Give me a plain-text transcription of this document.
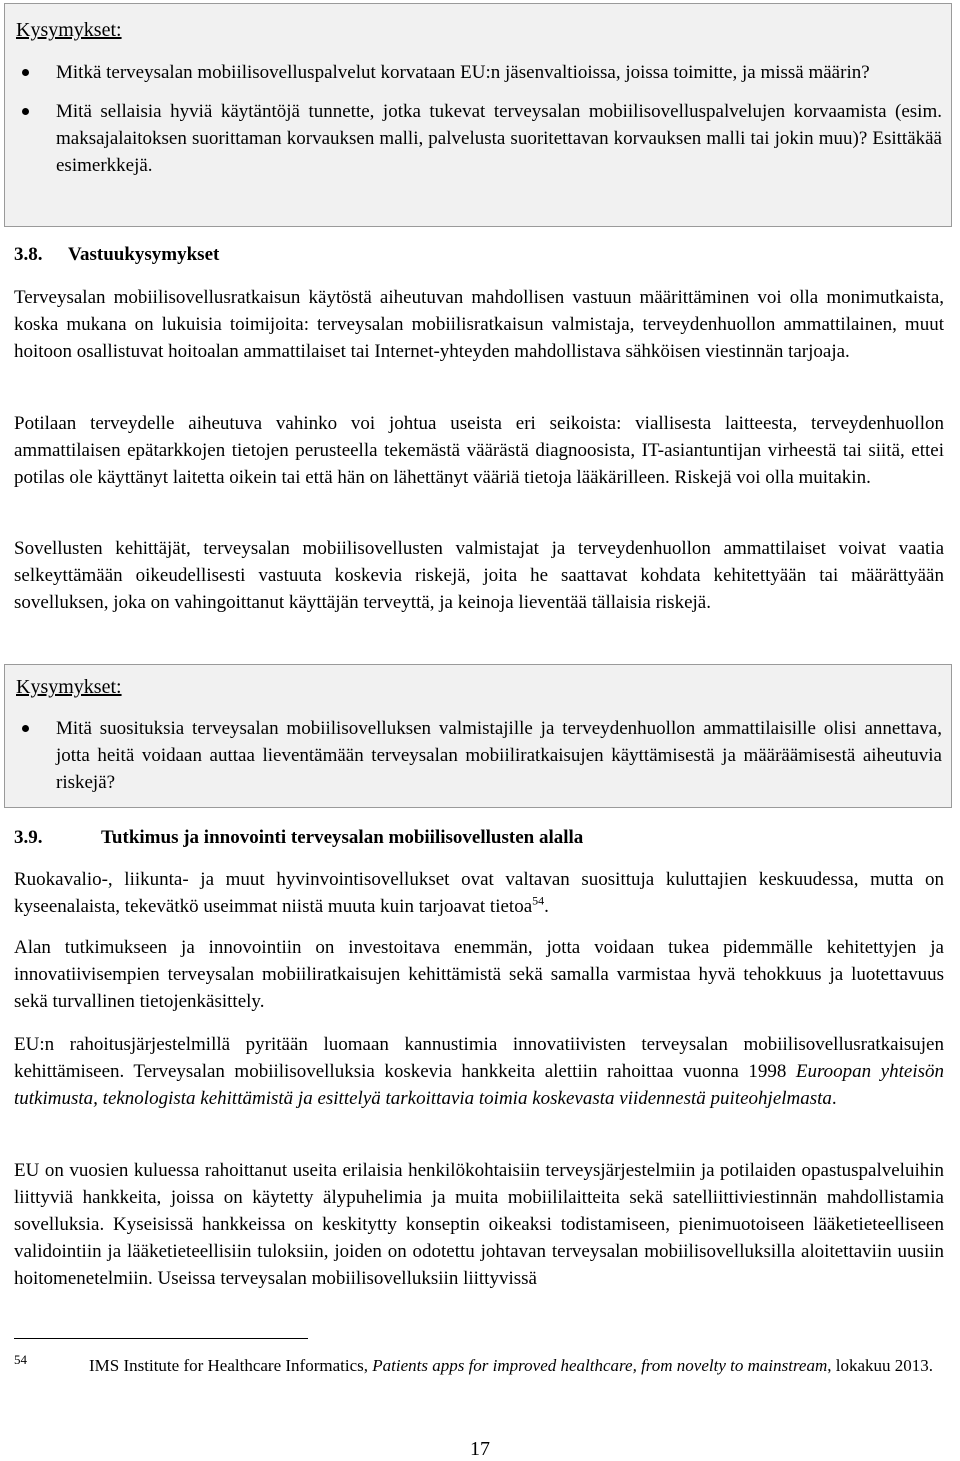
Kysymykset:
Mitkä terveysalan mobiilisovelluspalvelut korvataan EU:n jäsenvaltioissa, joissa toimitte, ja missä määrin?
Mitä sellaisia hyviä käytäntöjä tunnette, jotka tukevat terveysalan mobiilisovelluspalvelujen korvaamista (esim. maksajalaitoksen suorittaman korvauksen malli, palvelusta suoritettavan korvauksen malli tai jokin muu)? Esittäkää esimerkkejä.
3.8. Vastuukysymykset

Terveysalan mobiilisovellusratkaisun käytöstä aiheutuvan mahdollisen vastuun määrittäminen voi olla monimutkaista, koska mukana on lukuisia toimijoita: terveysalan mobiilisratkaisun valmistaja, terveydenhuollon ammattilainen, muut hoitoon osallistuvat hoitoalan ammattilaiset tai Internet-yhteyden mahdollistava sähköisen viestinnän tarjoaja.

Potilaan terveydelle aiheutuva vahinko voi johtua useista eri seikoista: viallisesta laitteesta, terveydenhuollon ammattilaisen epätarkkojen tietojen perusteella tekemästä väärästä diagnoosista, IT-asiantuntijan virheestä tai siitä, ettei potilas ole käyttänyt laitetta oikein tai että hän on lähettänyt vääriä tietoja lääkärilleen. Riskejä voi olla muitakin.

Sovellusten kehittäjät, terveysalan mobiilisovellusten valmistajat ja terveydenhuollon ammattilaiset voivat vaatia selkeyttämään oikeudellisesti vastuuta koskevia riskejä, joita he saattavat kohdata kehitettyään tai määrättyään sovelluksen, joka on vahingoittanut käyttäjän terveyttä, ja keinoja lieventää tällaisia riskejä.

Kysymykset:
Mitä suosituksia terveysalan mobiilisovelluksen valmistajille ja terveydenhuollon ammattilaisille olisi annettava, jotta heitä voidaan auttaa lieventämään terveysalan mobiiliratkaisujen käyttämisestä ja määräämisestä aiheutuvia riskejä?
3.9.	Tutkimus ja innovointi terveysalan mobiilisovellusten alalla

Ruokavalio-, liikunta- ja muut hyvinvointisovellukset ovat valtavan suosittuja kuluttajien keskuudessa, mutta on kyseenalaista, tekevätkö useimmat niistä muuta kuin tarjoavat tietoa$^{54}$.

Alan tutkimukseen ja innovointiin on investoitava enemmän, jotta voidaan tukea pidemmälle kehitettyjen ja innovatiivisempien terveysalan mobiiliratkaisujen kehittämistä sekä samalla varmistaa hyvä tehokkuus ja luotettavuus sekä turvallinen tietojenkäsittely.

EU:n rahoitusjärjestelmillä pyritään luomaan kannustimia innovatiivisten terveysalan mobiilisovellusratkaisujen kehittämiseen. Terveysalan mobiilisovelluksia koskevia hankkeita alettiin rahoittaa vuonna 1998 Euroopan yhteisön tutkimusta, teknologista kehittämistä ja esittelyä tarkoittavia toimia koskevasta viidennestä puiteohjelmasta.

EU on vuosien kuluessa rahoittanut useita erilaisia henkilökohtaisiin terveysjärjestelmiin ja potilaiden opastuspalveluihin liittyviä hankkeita, joissa on käytetty älypuhelimia ja muita mobiililaitteita sekä satelliittiviestinnän mahdollistamia sovelluksia. Kyseisissä hankkeissa on keskitytty konseptin oikeaksi todistamiseen, pienimuotoiseen lääketieteelliseen validointiin ja lääketieteellisiin tuloksiin, joiden on odotettu johtavan terveysalan mobiilisovelluksilla aloitettaviin uusiin hoitomenetelmiin. Useissa terveysalan mobiilisovelluksiin liittyvissä

54	IMS Institute for Healthcare Informatics, Patients apps for improved healthcare, from novelty to mainstream, lokakuu 2013.

17
